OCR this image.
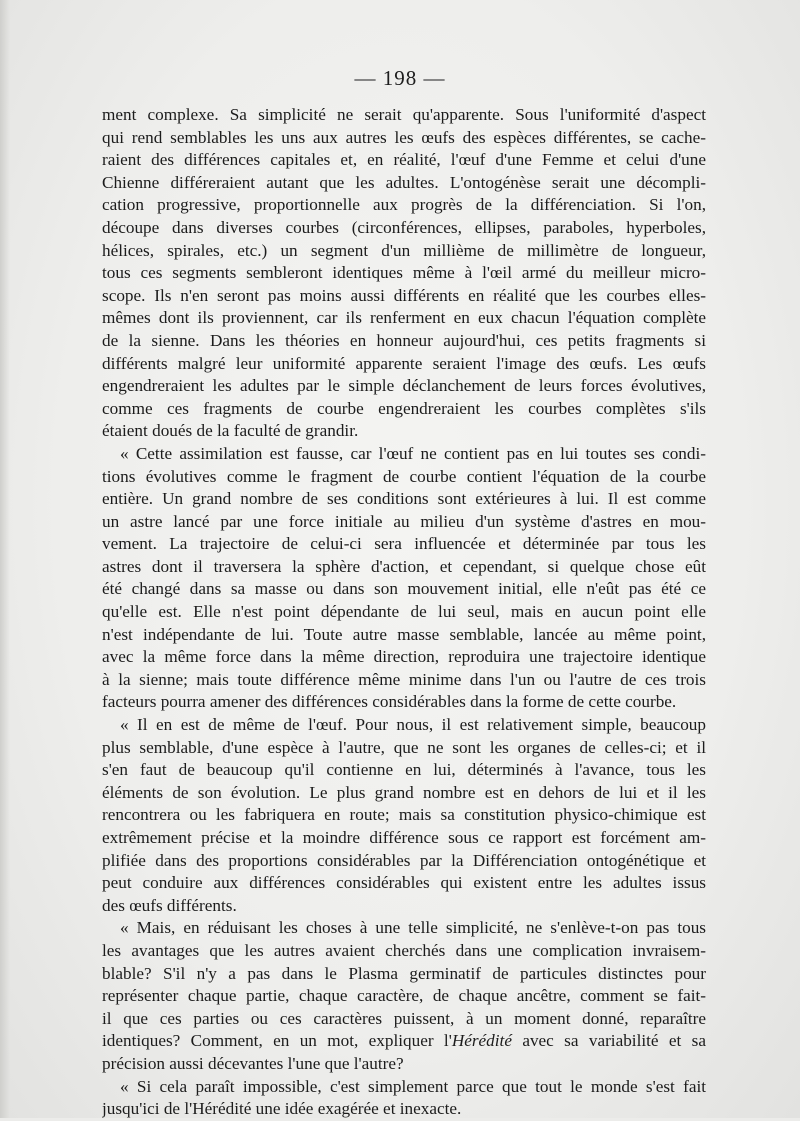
— 198 —
ment complexe. Sa simplicité ne serait qu'apparente. Sous l'uniformité d'aspect
qui rend semblables les uns aux autres les œufs des espèces différentes, se cache-
raient des différences capitales et, en réalité, l'œuf d'une Femme et celui d'une
Chienne différeraient autant que les adultes. L'ontogénèse serait une décompli-
cation progressive, proportionnelle aux progrès de la différenciation. Si l'on,
découpe dans diverses courbes (circonférences, ellipses, paraboles, hyperboles,
hélices, spirales, etc.) un segment d'un millième de millimètre de longueur,
tous ces segments sembleront identiques même à l'œil armé du meilleur micro-
scope. Ils n'en seront pas moins aussi différents en réalité que les courbes elles-
mêmes dont ils proviennent, car ils renferment en eux chacun l'équation complète
de la sienne. Dans les théories en honneur aujourd'hui, ces petits fragments si
différents malgré leur uniformité apparente seraient l'image des œufs. Les œufs
engendreraient les adultes par le simple déclanchement de leurs forces évolutives,
comme ces fragments de courbe engendreraient les courbes complètes s'ils
étaient doués de la faculté de grandir.
« Cette assimilation est fausse, car l'œuf ne contient pas en lui toutes ses condi-
tions évolutives comme le fragment de courbe contient l'équation de la courbe
entière. Un grand nombre de ses conditions sont extérieures à lui. Il est comme
un astre lancé par une force initiale au milieu d'un système d'astres en mou-
vement. La trajectoire de celui-ci sera influencée et déterminée par tous les
astres dont il traversera la sphère d'action, et cependant, si quelque chose eût
été changé dans sa masse ou dans son mouvement initial, elle n'eût pas été ce
qu'elle est. Elle n'est point dépendante de lui seul, mais en aucun point elle
n'est indépendante de lui. Toute autre masse semblable, lancée au même point,
avec la même force dans la même direction, reproduira une trajectoire identique
à la sienne; mais toute différence même minime dans l'un ou l'autre de ces trois
facteurs pourra amener des différences considérables dans la forme de cette courbe.
« Il en est de même de l'œuf. Pour nous, il est relativement simple, beaucoup
plus semblable, d'une espèce à l'autre, que ne sont les organes de celles-ci; et il
s'en faut de beaucoup qu'il contienne en lui, déterminés à l'avance, tous les
éléments de son évolution. Le plus grand nombre est en dehors de lui et il les
rencontrera ou les fabriquera en route; mais sa constitution physico-chimique est
extrêmement précise et la moindre différence sous ce rapport est forcément am-
plifiée dans des proportions considérables par la Différenciation ontogénétique et
peut conduire aux différences considérables qui existent entre les adultes issus
des œufs différents.
« Mais, en réduisant les choses à une telle simplicité, ne s'enlève-t-on pas tous
les avantages que les autres avaient cherchés dans une complication invraisem-
blable? S'il n'y a pas dans le Plasma germinatif de particules distinctes pour
représenter chaque partie, chaque caractère, de chaque ancêtre, comment se fait-
il que ces parties ou ces caractères puissent, à un moment donné, reparaître
identiques? Comment, en un mot, expliquer l'Hérédité avec sa variabilité et sa
précision aussi décevantes l'une que l'autre?
« Si cela paraît impossible, c'est simplement parce que tout le monde s'est fait
jusqu'ici de l'Hérédité une idée exagérée et inexacte.
